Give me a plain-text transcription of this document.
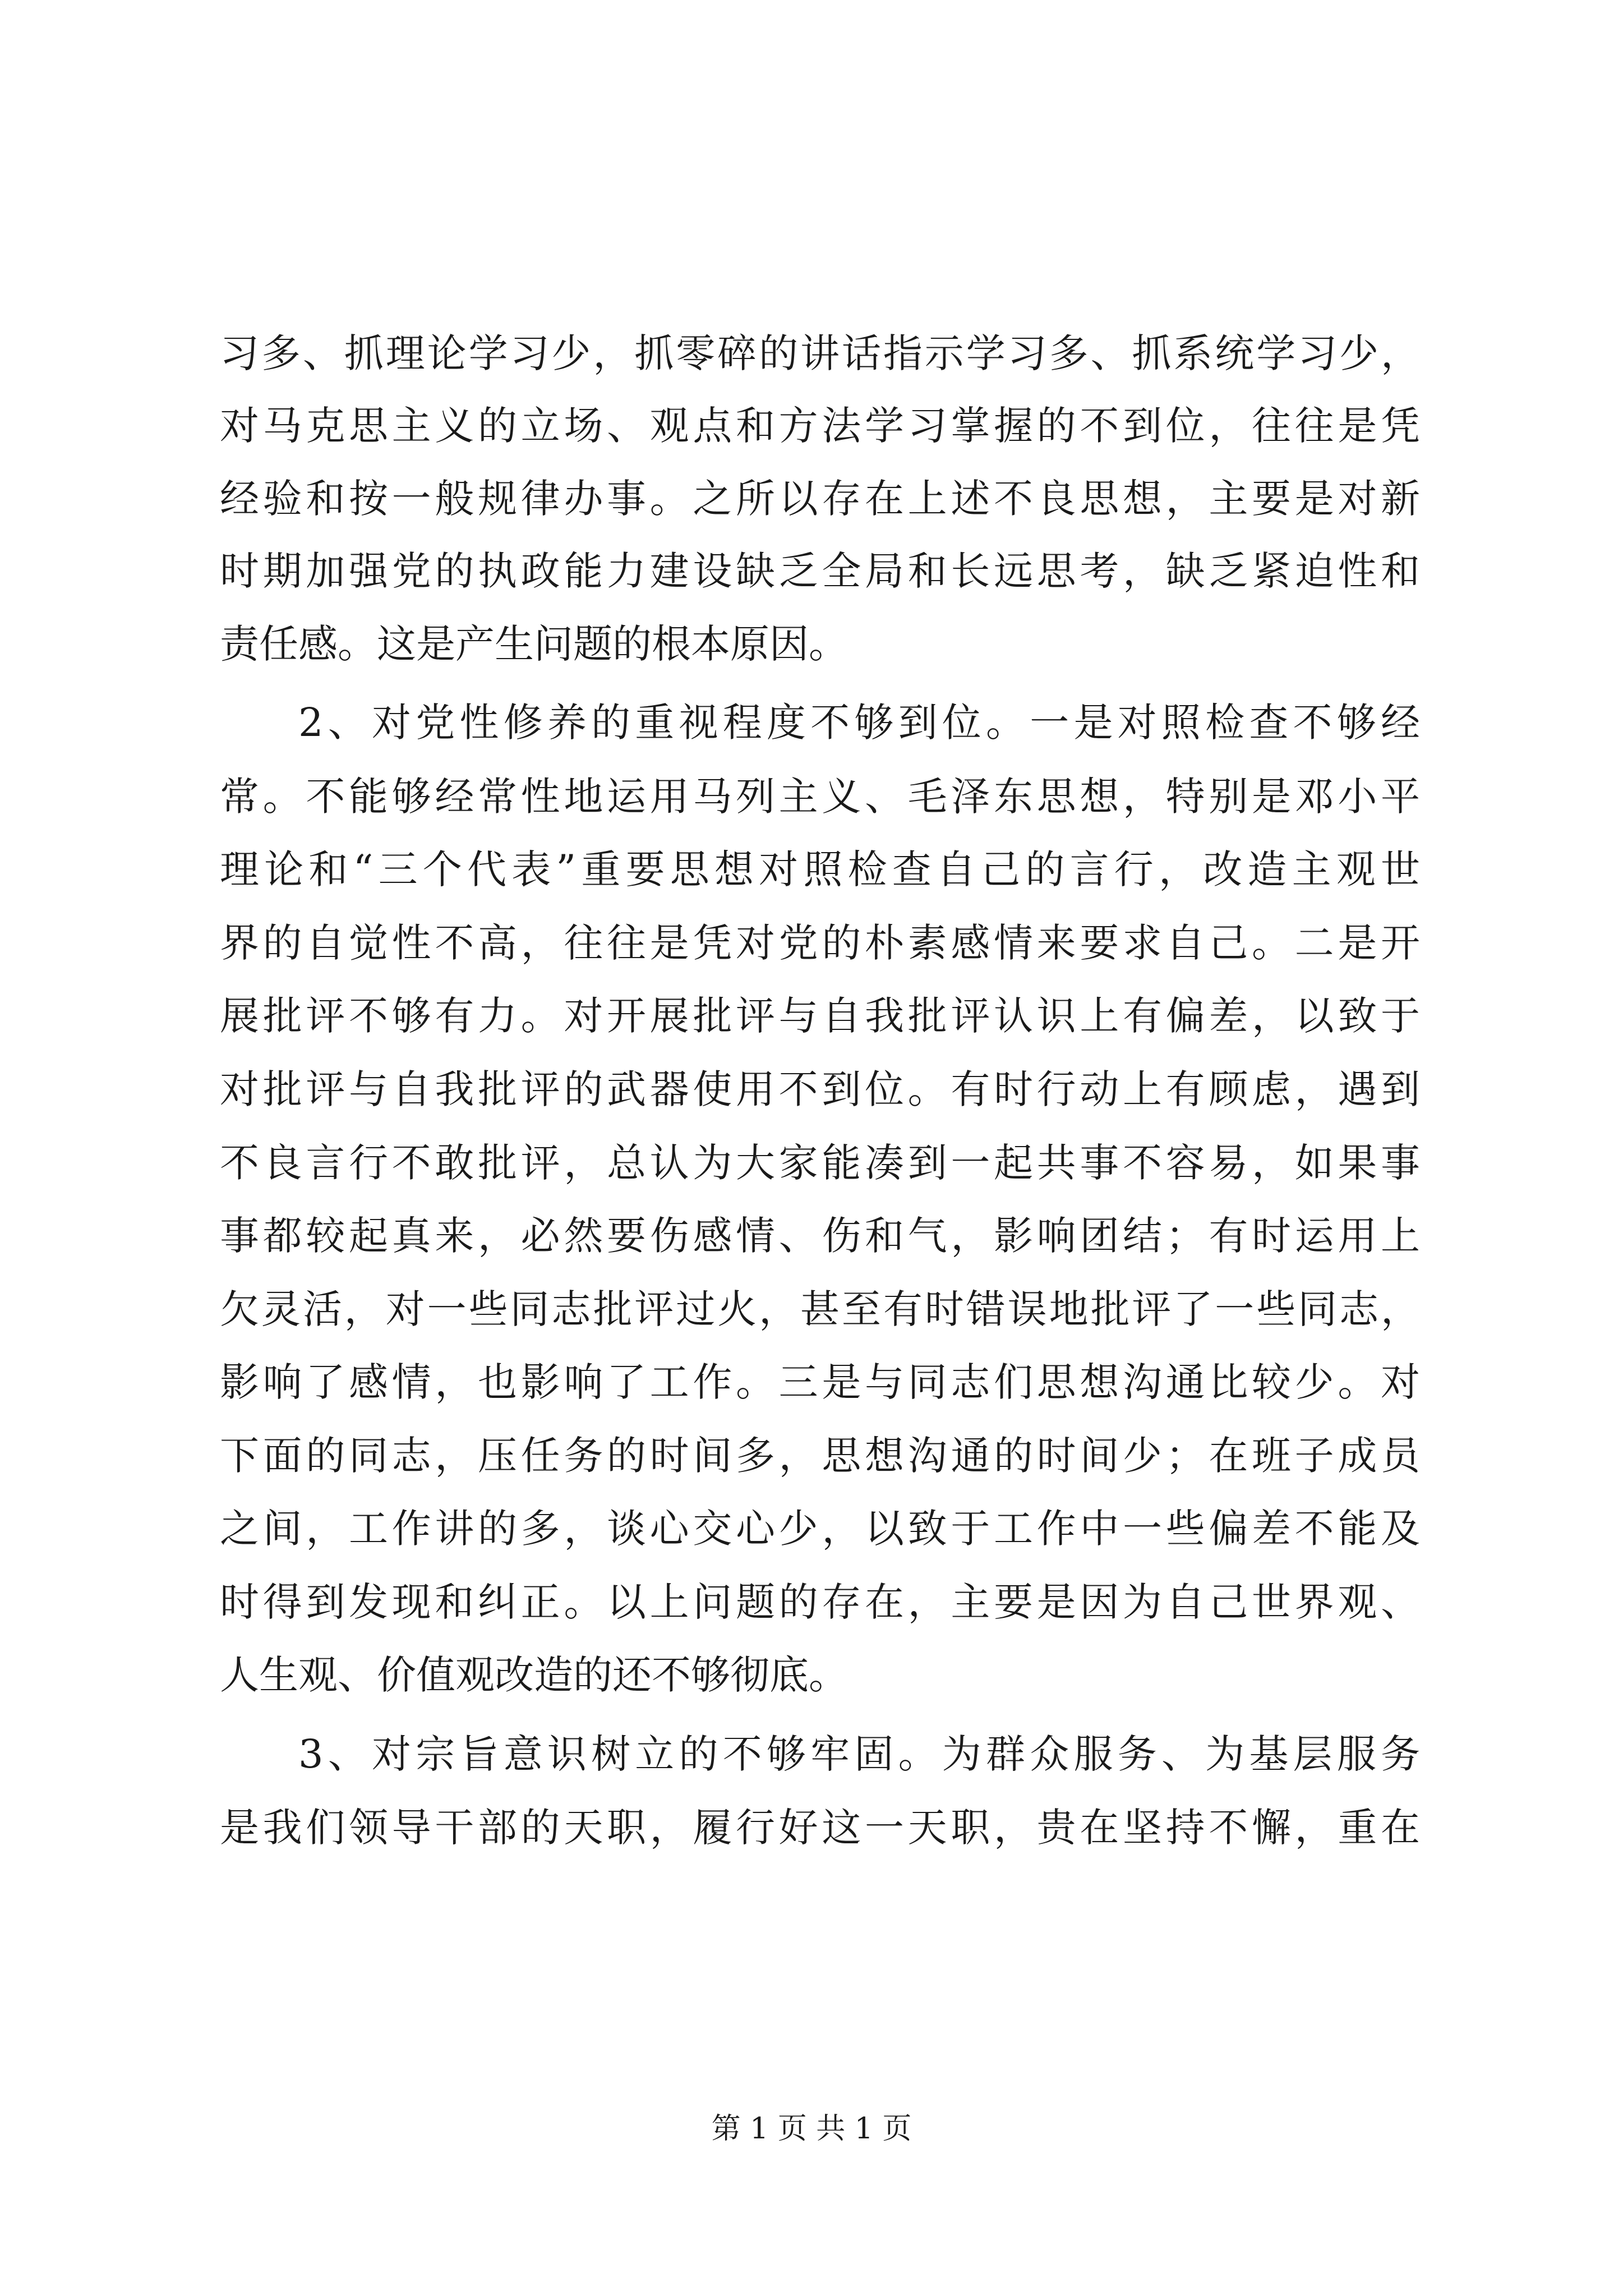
习多、抓理论学习少，抓零碎的讲话指示学习多、抓系统学习少，
对马克思主义的立场、观点和方法学习掌握的不到位，往往是凭
经验和按一般规律办事。之所以存在上述不良思想，主要是对新
时期加强党的执政能力建设缺乏全局和长远思考，缺乏紧迫性和
责任感。这是产生问题的根本原因。
2、对党性修养的重视程度不够到位。一是对照检查不够经
常。不能够经常性地运用马列主义、毛泽东思想，特别是邓小平
理论和“三个代表”重要思想对照检查自己的言行，改造主观世
界的自觉性不高，往往是凭对党的朴素感情来要求自己。二是开
展批评不够有力。对开展批评与自我批评认识上有偏差，以致于
对批评与自我批评的武器使用不到位。有时行动上有顾虑，遇到
不良言行不敢批评，总认为大家能凑到一起共事不容易，如果事
事都较起真来，必然要伤感情、伤和气，影响团结；有时运用上
欠灵活，对一些同志批评过火，甚至有时错误地批评了一些同志，
影响了感情，也影响了工作。三是与同志们思想沟通比较少。对
下面的同志，压任务的时间多，思想沟通的时间少；在班子成员
之间，工作讲的多，谈心交心少，以致于工作中一些偏差不能及
时得到发现和纠正。以上问题的存在，主要是因为自己世界观、
人生观、价值观改造的还不够彻底。
3、对宗旨意识树立的不够牢固。为群众服务、为基层服务
是我们领导干部的天职，履行好这一天职，贵在坚持不懈，重在
第 1 页 共 1 页
